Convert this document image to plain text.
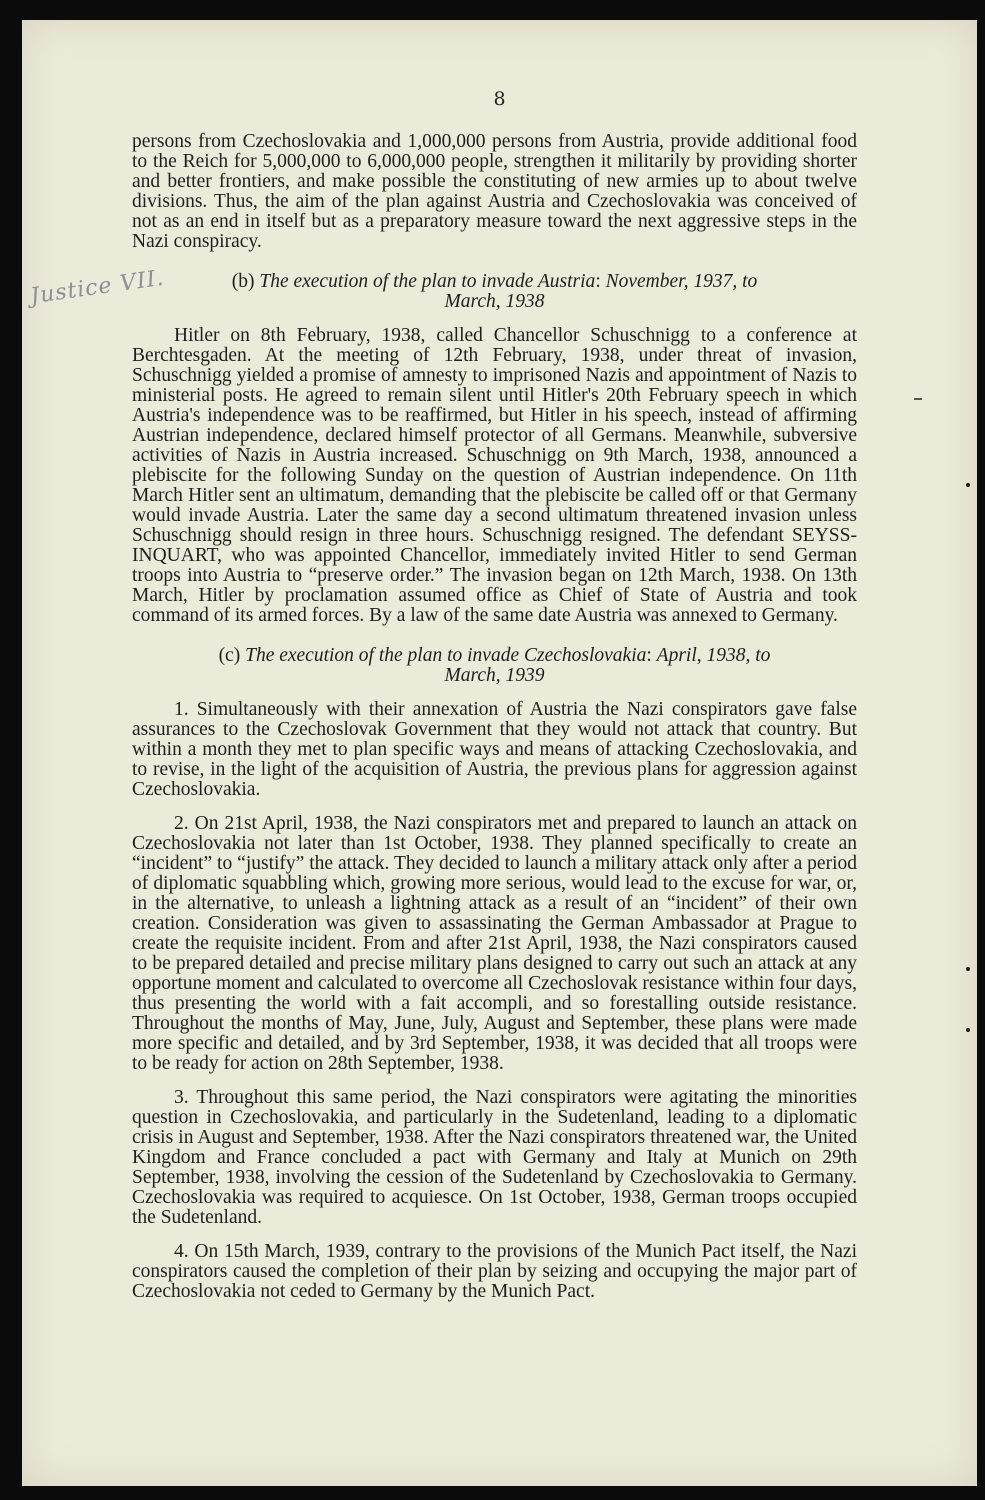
Justice VII.
8

persons from Czechoslovakia and 1,000,000 persons from Austria, provide additional food to the Reich for 5,000,000 to 6,000,000 people, strengthen it militarily by providing shorter and better frontiers, and make possible the constituting of new armies up to about twelve divisions. Thus, the aim of the plan against Austria and Czechoslovakia was conceived of not as an end in itself but as a preparatory measure toward the next aggressive steps in the Nazi conspiracy.

(b) The execution of the plan to invade Austria: November, 1937, to
March, 1938

Hitler on 8th February, 1938, called Chancellor Schuschnigg to a conference at Berchtesgaden. At the meeting of 12th February, 1938, under threat of invasion, Schuschnigg yielded a promise of amnesty to imprisoned Nazis and appointment of Nazis to ministerial posts. He agreed to remain silent until Hitler's 20th February speech in which Austria's independence was to be reaffirmed, but Hitler in his speech, instead of affirming Austrian independence, declared himself protector of all Germans. Meanwhile, subversive activities of Nazis in Austria increased. Schuschnigg on 9th March, 1938, announced a plebiscite for the following Sunday on the question of Austrian independence. On 11th March Hitler sent an ultimatum, demanding that the plebiscite be called off or that Germany would invade Austria. Later the same day a second ultimatum threatened invasion unless Schuschnigg should resign in three hours. Schuschnigg resigned. The defendant SEYSS-INQUART, who was appointed Chancellor, immediately invited Hitler to send German troops into Austria to “preserve order.” The invasion began on 12th March, 1938. On 13th March, Hitler by proclamation assumed office as Chief of State of Austria and took command of its armed forces. By a law of the same date Austria was annexed to Germany.

(c) The execution of the plan to invade Czechoslovakia: April, 1938, to
March, 1939

1. Simultaneously with their annexation of Austria the Nazi conspirators gave false assurances to the Czechoslovak Government that they would not attack that country. But within a month they met to plan specific ways and means of attacking Czechoslovakia, and to revise, in the light of the acquisition of Austria, the previous plans for aggression against Czechoslovakia.

2. On 21st April, 1938, the Nazi conspirators met and prepared to launch an attack on Czechoslovakia not later than 1st October, 1938. They planned specifically to create an “incident” to “justify” the attack. They decided to launch a military attack only after a period of diplomatic squabbling which, growing more serious, would lead to the excuse for war, or, in the alternative, to unleash a lightning attack as a result of an “incident” of their own creation. Consideration was given to assassinating the German Ambassador at Prague to create the requisite incident. From and after 21st April, 1938, the Nazi conspirators caused to be prepared detailed and precise military plans designed to carry out such an attack at any opportune moment and calculated to overcome all Czechoslovak resistance within four days, thus presenting the world with a fait accompli, and so forestalling outside resistance. Throughout the months of May, June, July, August and September, these plans were made more specific and detailed, and by 3rd September, 1938, it was decided that all troops were to be ready for action on 28th September, 1938.

3. Throughout this same period, the Nazi conspirators were agitating the minorities question in Czechoslovakia, and particularly in the Sudetenland, leading to a diplomatic crisis in August and September, 1938. After the Nazi conspirators threatened war, the United Kingdom and France concluded a pact with Germany and Italy at Munich on 29th September, 1938, involving the cession of the Sudetenland by Czechoslovakia to Germany. Czechoslovakia was required to acquiesce. On 1st October, 1938, German troops occupied the Sudetenland.

4. On 15th March, 1939, contrary to the provisions of the Munich Pact itself, the Nazi conspirators caused the completion of their plan by seizing and occupying the major part of Czechoslovakia not ceded to Germany by the Munich Pact.
